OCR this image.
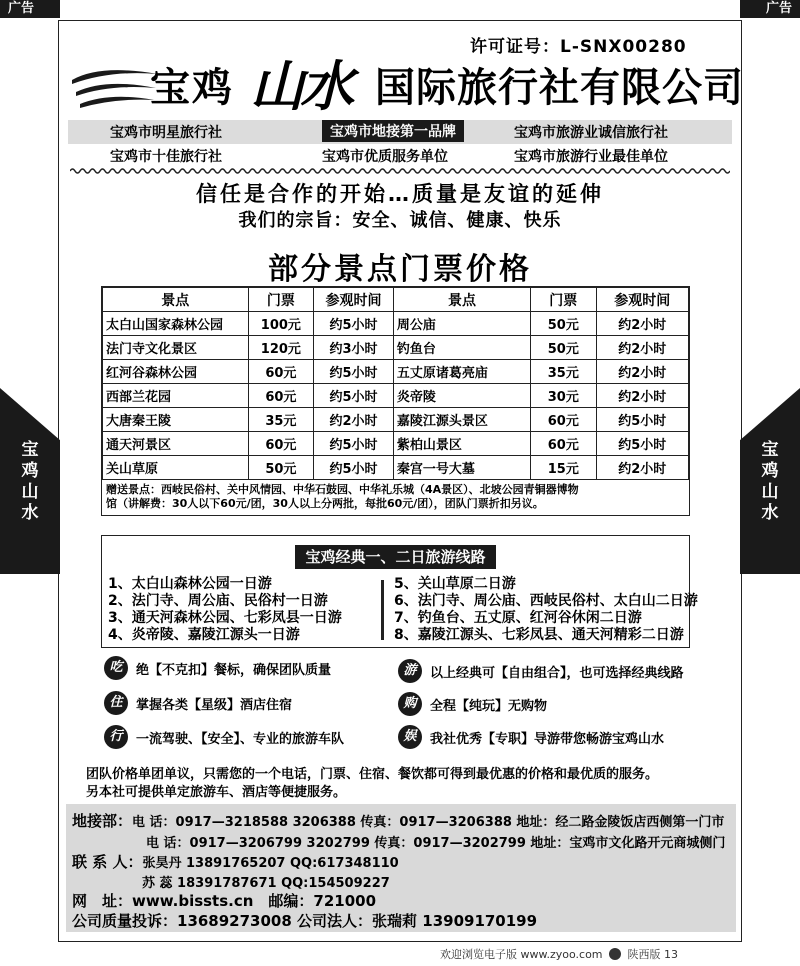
广告	广告
宝
鸡
山
水
宝
鸡
山
水
许可证号：L-SNX00280
宝鸡 山水 国际旅行社有限公司
宝鸡市明星旅行社	宝鸡市地接第一品牌	宝鸡市旅游业诚信旅行社
宝鸡市十佳旅行社	宝鸡市优质服务单位	宝鸡市旅游行业最佳单位
信任是合作的开始…质量是友谊的延伸
我们的宗旨：安全、诚信、健康、快乐
部分景点门票价格
景点	门票	参观时间	景点	门票	参观时间
太白山国家森林公园	100元	约5小时	周公庙	50元	约2小时
法门寺文化景区	120元	约3小时	钓鱼台	50元	约2小时
红河谷森林公园	60元	约5小时	五丈原诸葛亮庙	35元	约2小时
西部兰花园	60元	约5小时	炎帝陵	30元	约2小时
大唐秦王陵	35元	约2小时	嘉陵江源头景区	60元	约5小时
通天河景区	60元	约5小时	紫柏山景区	60元	约5小时
关山草原	50元	约5小时	秦宫一号大墓	15元	约2小时
赠送景点：西岐民俗村、关中风情园、中华石鼓园、中华礼乐城（4A景区）、北坡公园青铜器博物
馆（讲解费：30人以下60元/团，30人以上分两批，每批60元/团），团队门票折扣另议。
宝鸡经典一、二日旅游线路
1、太白山森林公园一日游
2、法门寺、周公庙、民俗村一日游
3、通天河森林公园、七彩凤县一日游
4、炎帝陵、嘉陵江源头一日游
5、关山草原二日游
6、法门寺、周公庙、西岐民俗村、太白山二日游
7、钓鱼台、五丈原、红河谷休闲二日游
8、嘉陵江源头、七彩凤县、通天河精彩二日游
吃	绝【不克扣】餐标，确保团队质量
住	掌握各类【星级】酒店住宿
行	一流驾驶、【安全】、专业的旅游车队
游	以上经典可【自由组合】，也可选择经典线路
购	全程【纯玩】无购物
娱	我社优秀【专职】导游带您畅游宝鸡山水
团队价格单团单议，只需您的一个电话，门票、住宿、餐饮都可得到最优惠的价格和最优质的服务。
另本社可提供单定旅游车、酒店等便捷服务。
地接部：电 话：0917—3218588 3206388 传真：0917—3206388 地址：经二路金陵饭店西侧第一门市
电 话：0917—3206799 3202799 传真：0917—3202799 地址：宝鸡市文化路开元商城侧门
联 系 人：张昊丹 13891765207 QQ:617348110
苏 蕊 18391787671 QQ:154509227
网　址：www.bissts.cn　邮编：721000
公司质量投诉：13689273008 公司法人：张瑞莉 13909170199
欢迎浏览电子版 www.zyoo.com 陕西版 13
